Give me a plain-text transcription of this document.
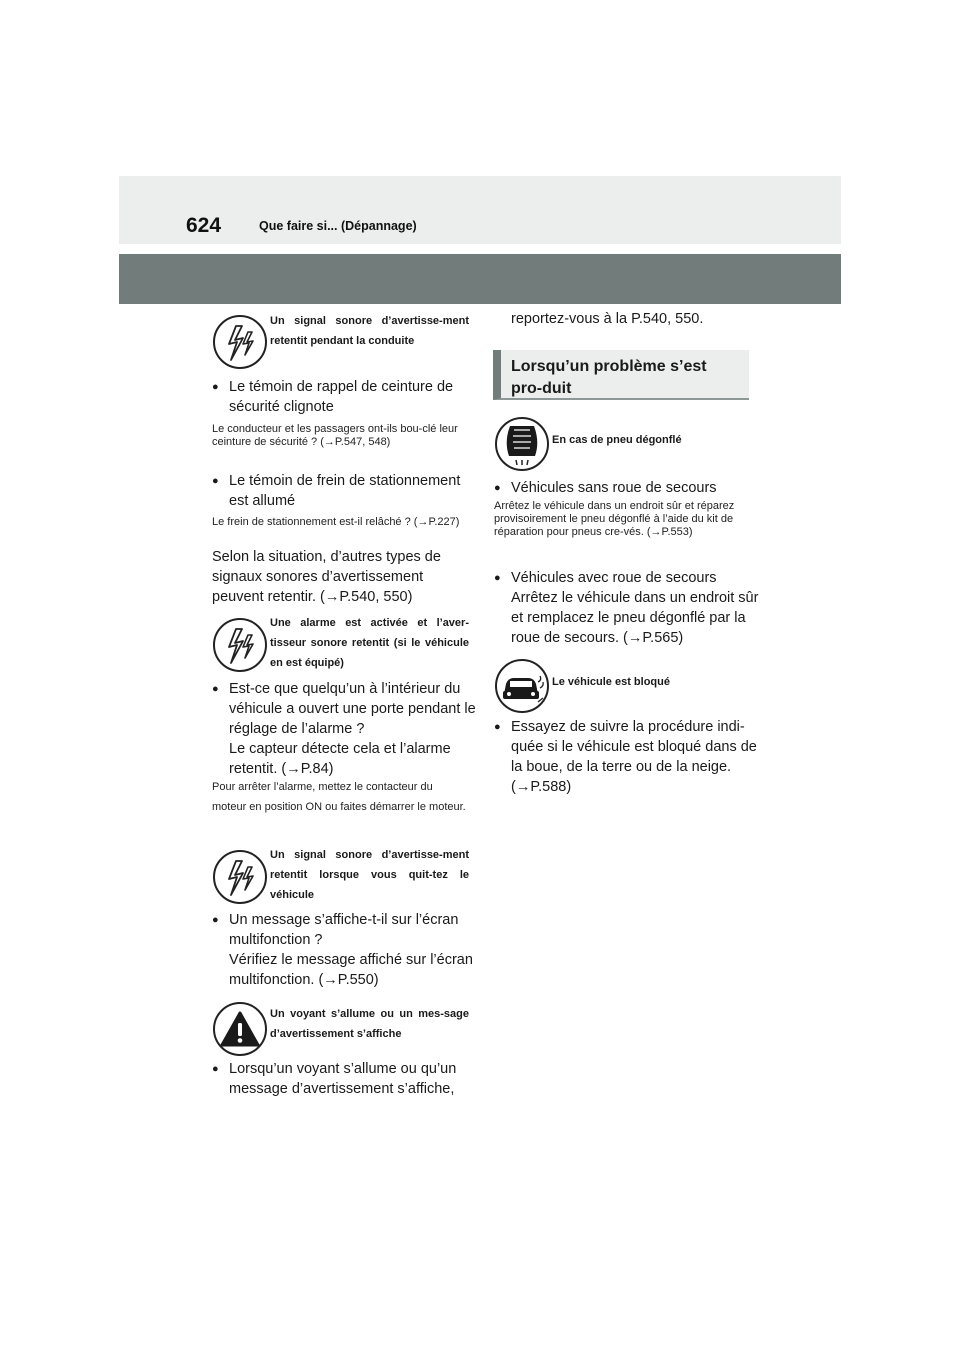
624	Que faire si... (Dépannage)
Un signal sonore d’avertisse-ment retentit pendant la conduite
● Le témoin de rappel de ceinture de sécurité clignote
Le conducteur et les passagers ont-ils bou-clé leur ceinture de sécurité ? (→P.547, 548)
● Le témoin de frein de stationnement est allumé
Le frein de stationnement est-il relâché ? (→P.227)
Selon la situation, d’autres types de signaux sonores d’avertissement peuvent retentir. (→P.540, 550)
Une alarme est activée et l’aver-tisseur sonore retentit (si le véhicule en est équipé)
● Est-ce que quelqu’un à l’intérieur du véhicule a ouvert une porte pendant le réglage de l’alarme ?
Le capteur détecte cela et l’alarme retentit. (→P.84)
Pour arrêter l’alarme, mettez le contacteur du moteur en position ON ou faites démarrer le moteur.
Un signal sonore d’avertisse-ment retentit lorsque vous quit-tez le véhicule
● Un message s’affiche-t-il sur l’écran multifonction ?
Vérifiez le message affiché sur l’écran multifonction. (→P.550)
Un voyant s’allume ou un mes-sage d’avertissement s’affiche
● Lorsqu’un voyant s’allume ou qu’un message d’avertissement s’affiche,
reportez-vous à la P.540, 550.
Lorsqu’un problème s’est pro-duit
En cas de pneu dégonflé
● Véhicules sans roue de secours
Arrêtez le véhicule dans un endroit sûr et réparez provisoirement le pneu dégonflé à l’aide du kit de réparation pour pneus cre-vés. (→P.553)
● Véhicules avec roue de secours
Arrêtez le véhicule dans un endroit sûr et remplacez le pneu dégonflé par la roue de secours. (→P.565)
Le véhicule est bloqué
● Essayez de suivre la procédure indi-quée si le véhicule est bloqué dans de la boue, de la terre ou de la neige. (→P.588)
